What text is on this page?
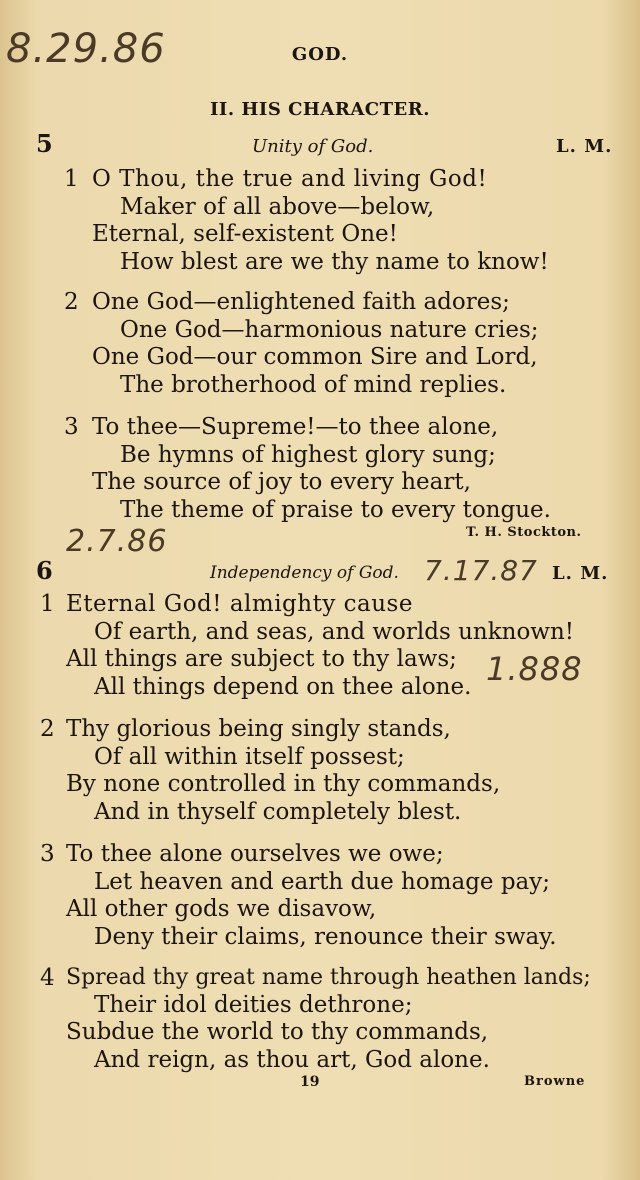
8.29.86	GOD.
II. HIS CHARACTER.
5	Unity of God.	L. M.
1 O Thou, the true and living God!
Maker of all above—below,
Eternal, self-existent One!
How blest are we thy name to know!
2 One God—enlightened faith adores;
One God—harmonious nature cries;
One God—our common Sire and Lord,
The brotherhood of mind replies.
3 To thee—Supreme!—to thee alone,
Be hymns of highest glory sung;
The source of joy to every heart,
The theme of praise to every tongue.
T. H. Stockton.
2.7.86
6	Independency of God. 7.17.87 L. M.
1 Eternal God! almighty cause
Of earth, and seas, and worlds unknown!
All things are subject to thy laws;
All things depend on thee alone. 1.888
2 Thy glorious being singly stands,
Of all within itself possest;
By none controlled in thy commands,
And in thyself completely blest.
3 To thee alone ourselves we owe;
Let heaven and earth due homage pay;
All other gods we disavow,
Deny their claims, renounce their sway.
4 Spread thy great name through heathen lands;
Their idol deities dethrone;
Subdue the world to thy commands,
And reign, as thou art, God alone.
19	Browne
